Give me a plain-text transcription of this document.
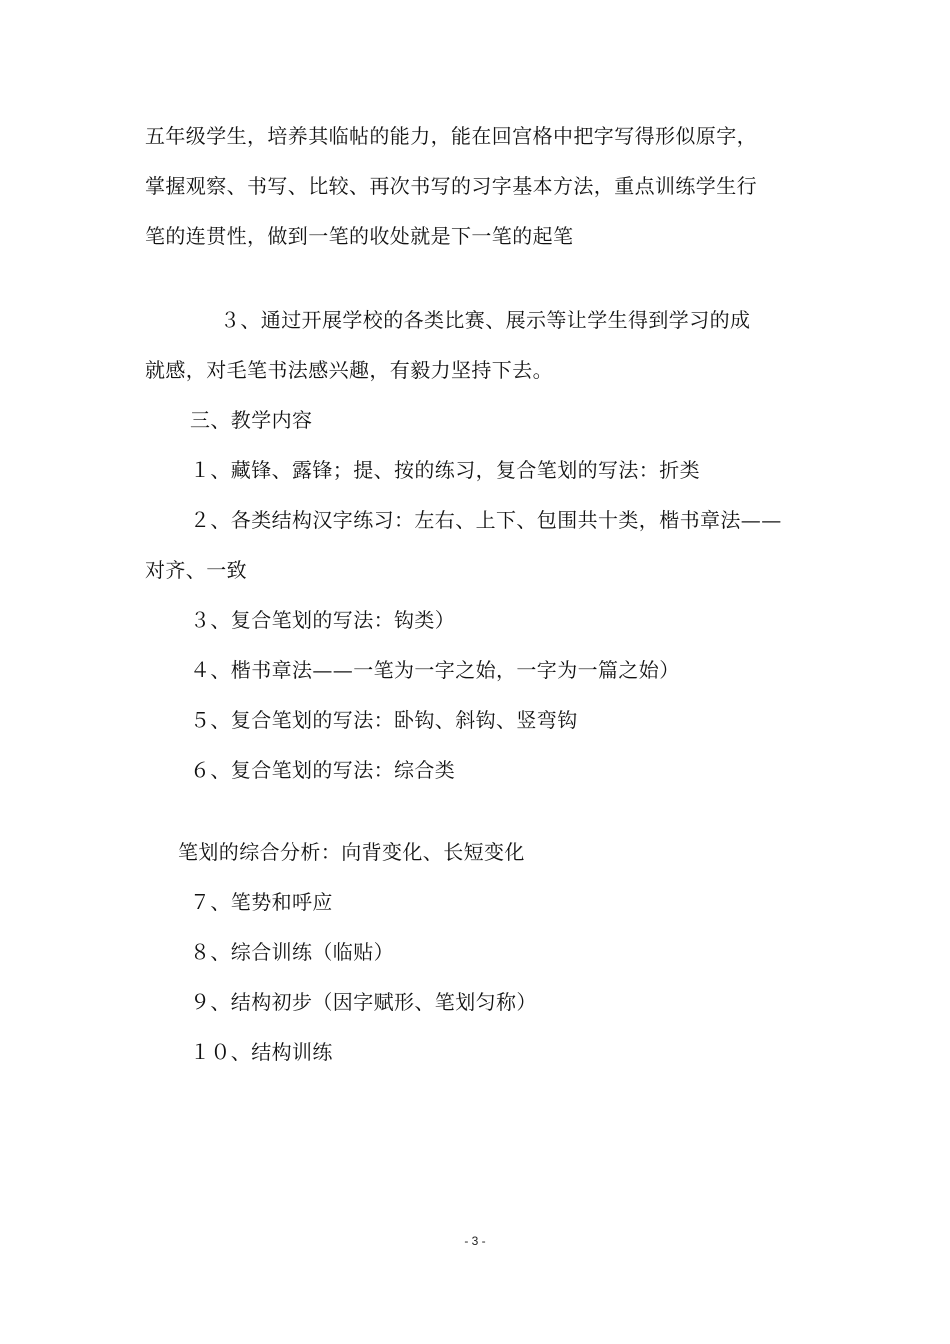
五年级学生，培养其临帖的能力，能在回宫格中把字写得形似原字，
掌握观察、书写、比较、再次书写的习字基本方法，重点训练学生行
笔的连贯性，做到一笔的收处就是下一笔的起笔
３、通过开展学校的各类比赛、展示等让学生得到学习的成
就感，对毛笔书法感兴趣，有毅力坚持下去。
三、教学内容
１、藏锋、露锋；提、按的练习，复合笔划的写法：折类
２、各类结构汉字练习：左右、上下、包围共十类，楷书章法——
对齐、一致
３、复合笔划的写法：钩类）
４、楷书章法——一笔为一字之始，一字为一篇之始）
５、复合笔划的写法：卧钩、斜钩、竖弯钩
６、复合笔划的写法：综合类
笔划的综合分析：向背变化、长短变化
７、笔势和呼应
８、综合训练（临贴）
９、结构初步（因字赋形、笔划匀称）
１０、结构训练
- 3 -
